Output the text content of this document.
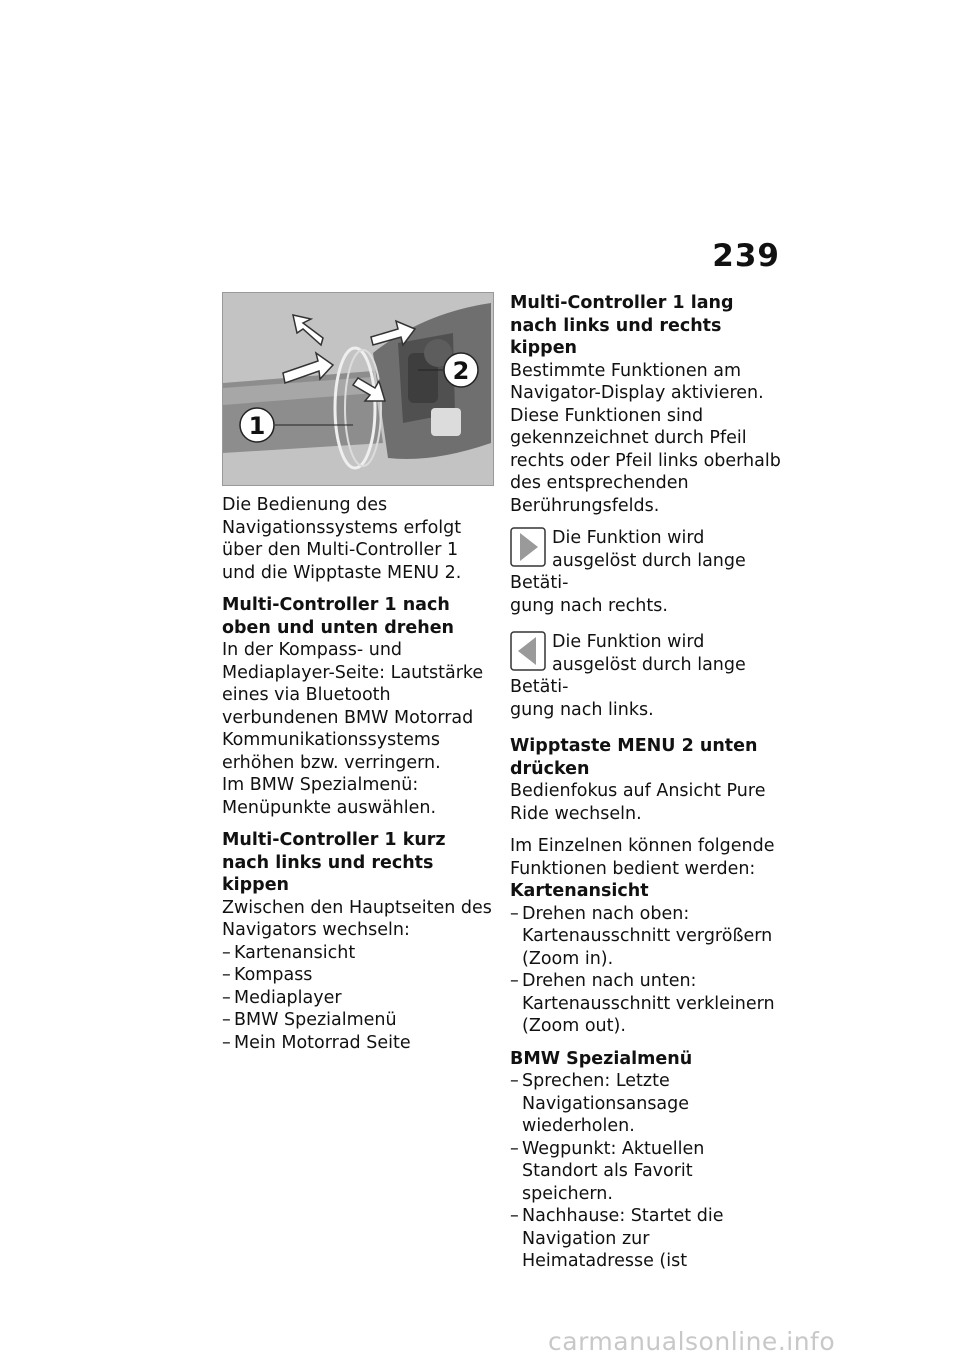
239
1
2

Die Bedienung des Navigationssystems erfolgt über den Multi-Controller 1 und die Wipptaste MENU 2.

Multi-Controller 1 nach oben und unten drehen

In der Kompass- und Mediaplayer-Seite: Lautstärke eines via Bluetooth verbundenen BMW Motorrad Kommunikationssystems erhöhen bzw. verringern.

Im BMW Spezialmenü: Menüpunkte auswählen.

Multi-Controller 1 kurz nach links und rechts kippen

Zwischen den Hauptseiten des Navigators wechseln:

– Kartenansicht
– Kompass
– Mediaplayer
– BMW Spezialmenü
– Mein Motorrad Seite
Multi-Controller 1 lang nach links und rechts kippen

Bestimmte Funktionen am Navigator-Display aktivieren. Diese Funktionen sind gekennzeichnet durch Pfeil rechts oder Pfeil links oberhalb des entsprechenden Berührungsfelds.

Die Funktion wird ausgelöst durch lange Betäti-
gung nach rechts.
Die Funktion wird ausgelöst durch lange Betäti-
gung nach links.
Wipptaste MENU 2 unten drücken

Bedienfokus auf Ansicht Pure Ride wechseln.

Im Einzelnen können folgende Funktionen bedient werden:

Kartenansicht
– Drehen nach oben: Kartenausschnitt vergrößern (Zoom in).
– Drehen nach unten: Kartenausschnitt verkleinern (Zoom out).
BMW Spezialmenü
– Sprechen: Letzte Navigationsansage wiederholen.
– Wegpunkt: Aktuellen Standort als Favorit speichern.
– Nachhause: Startet die Navigation zur Heimatadresse (ist
carmanualsonline.info
